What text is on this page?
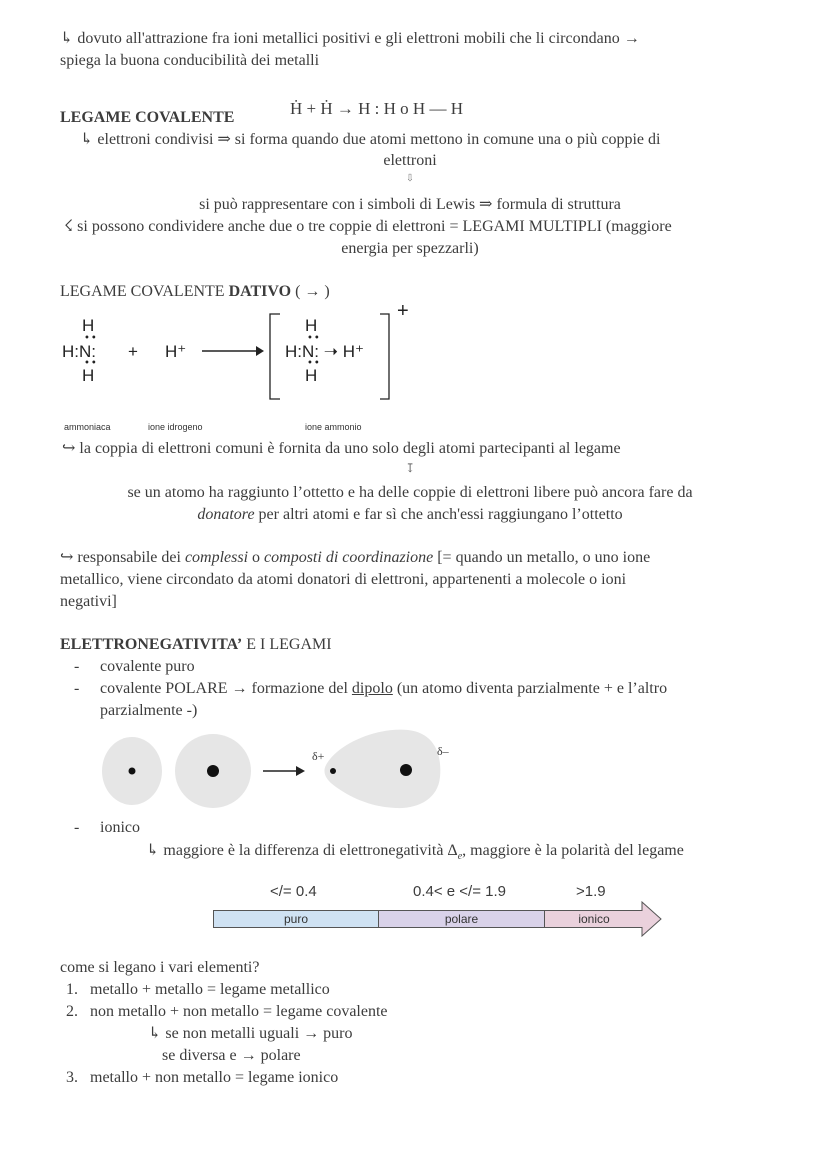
↳ dovuto all'attrazione fra ioni metallici positivi e gli elettroni mobili che li circondano →
spiega la buona conducibilità dei metalli
LEGAME COVALENTE	Ḣ + Ḣ → H : H o H — H
↳ elettroni condivisi ⇒ si forma quando due atomi mettono in comune una o più coppie di
elettroni
⇩
si può rappresentare con i simboli di Lewis ⇒ formula di struttura
☇ si possono condividere anche due o tre coppie di elettroni = LEGAMI MULTIPLI (maggiore
energia per spezzarli)
LEGAME COVALENTE DATIVO ( → )
H
••
H:N:
••
H
+ H⁺
H
••
H:N: ➝ H⁺
••
H
+
ammoniaca	ione idrogeno	ione ammonio
↪ la coppia di elettroni comuni è fornita da uno solo degli atomi partecipanti al legame
↧
se un atomo ha raggiunto l’ottetto e ha delle coppie di elettroni libere può ancora fare da
donatore per altri atomi e far sì che anch'essi raggiungano l’ottetto
↪ responsabile dei complessi o composti di coordinazione [= quando un metallo, o uno ione
metallico, viene circondato da atomi donatori di elettroni, appartenenti a molecole o ioni
negativi]
ELETTRONEGATIVITA’ E I LEGAMI
- covalente puro
- covalente POLARE → formazione del dipolo (un atomo diventa parzialmente + e l’altro
parzialmente -)
δ+	δ–
- ionico
↳ maggiore è la differenza di elettronegatività $\Delta_e$, maggiore è la polarità del legame
</= 0.4	0.4< e </= 1.9	>1.9
puro	polare	ionico
come si legano i vari elementi?
1. metallo + metallo = legame metallico
2. non metallo + non metallo = legame covalente
↳ se non metalli uguali → puro
se diversa e → polare
3. metallo + non metallo = legame ionico
